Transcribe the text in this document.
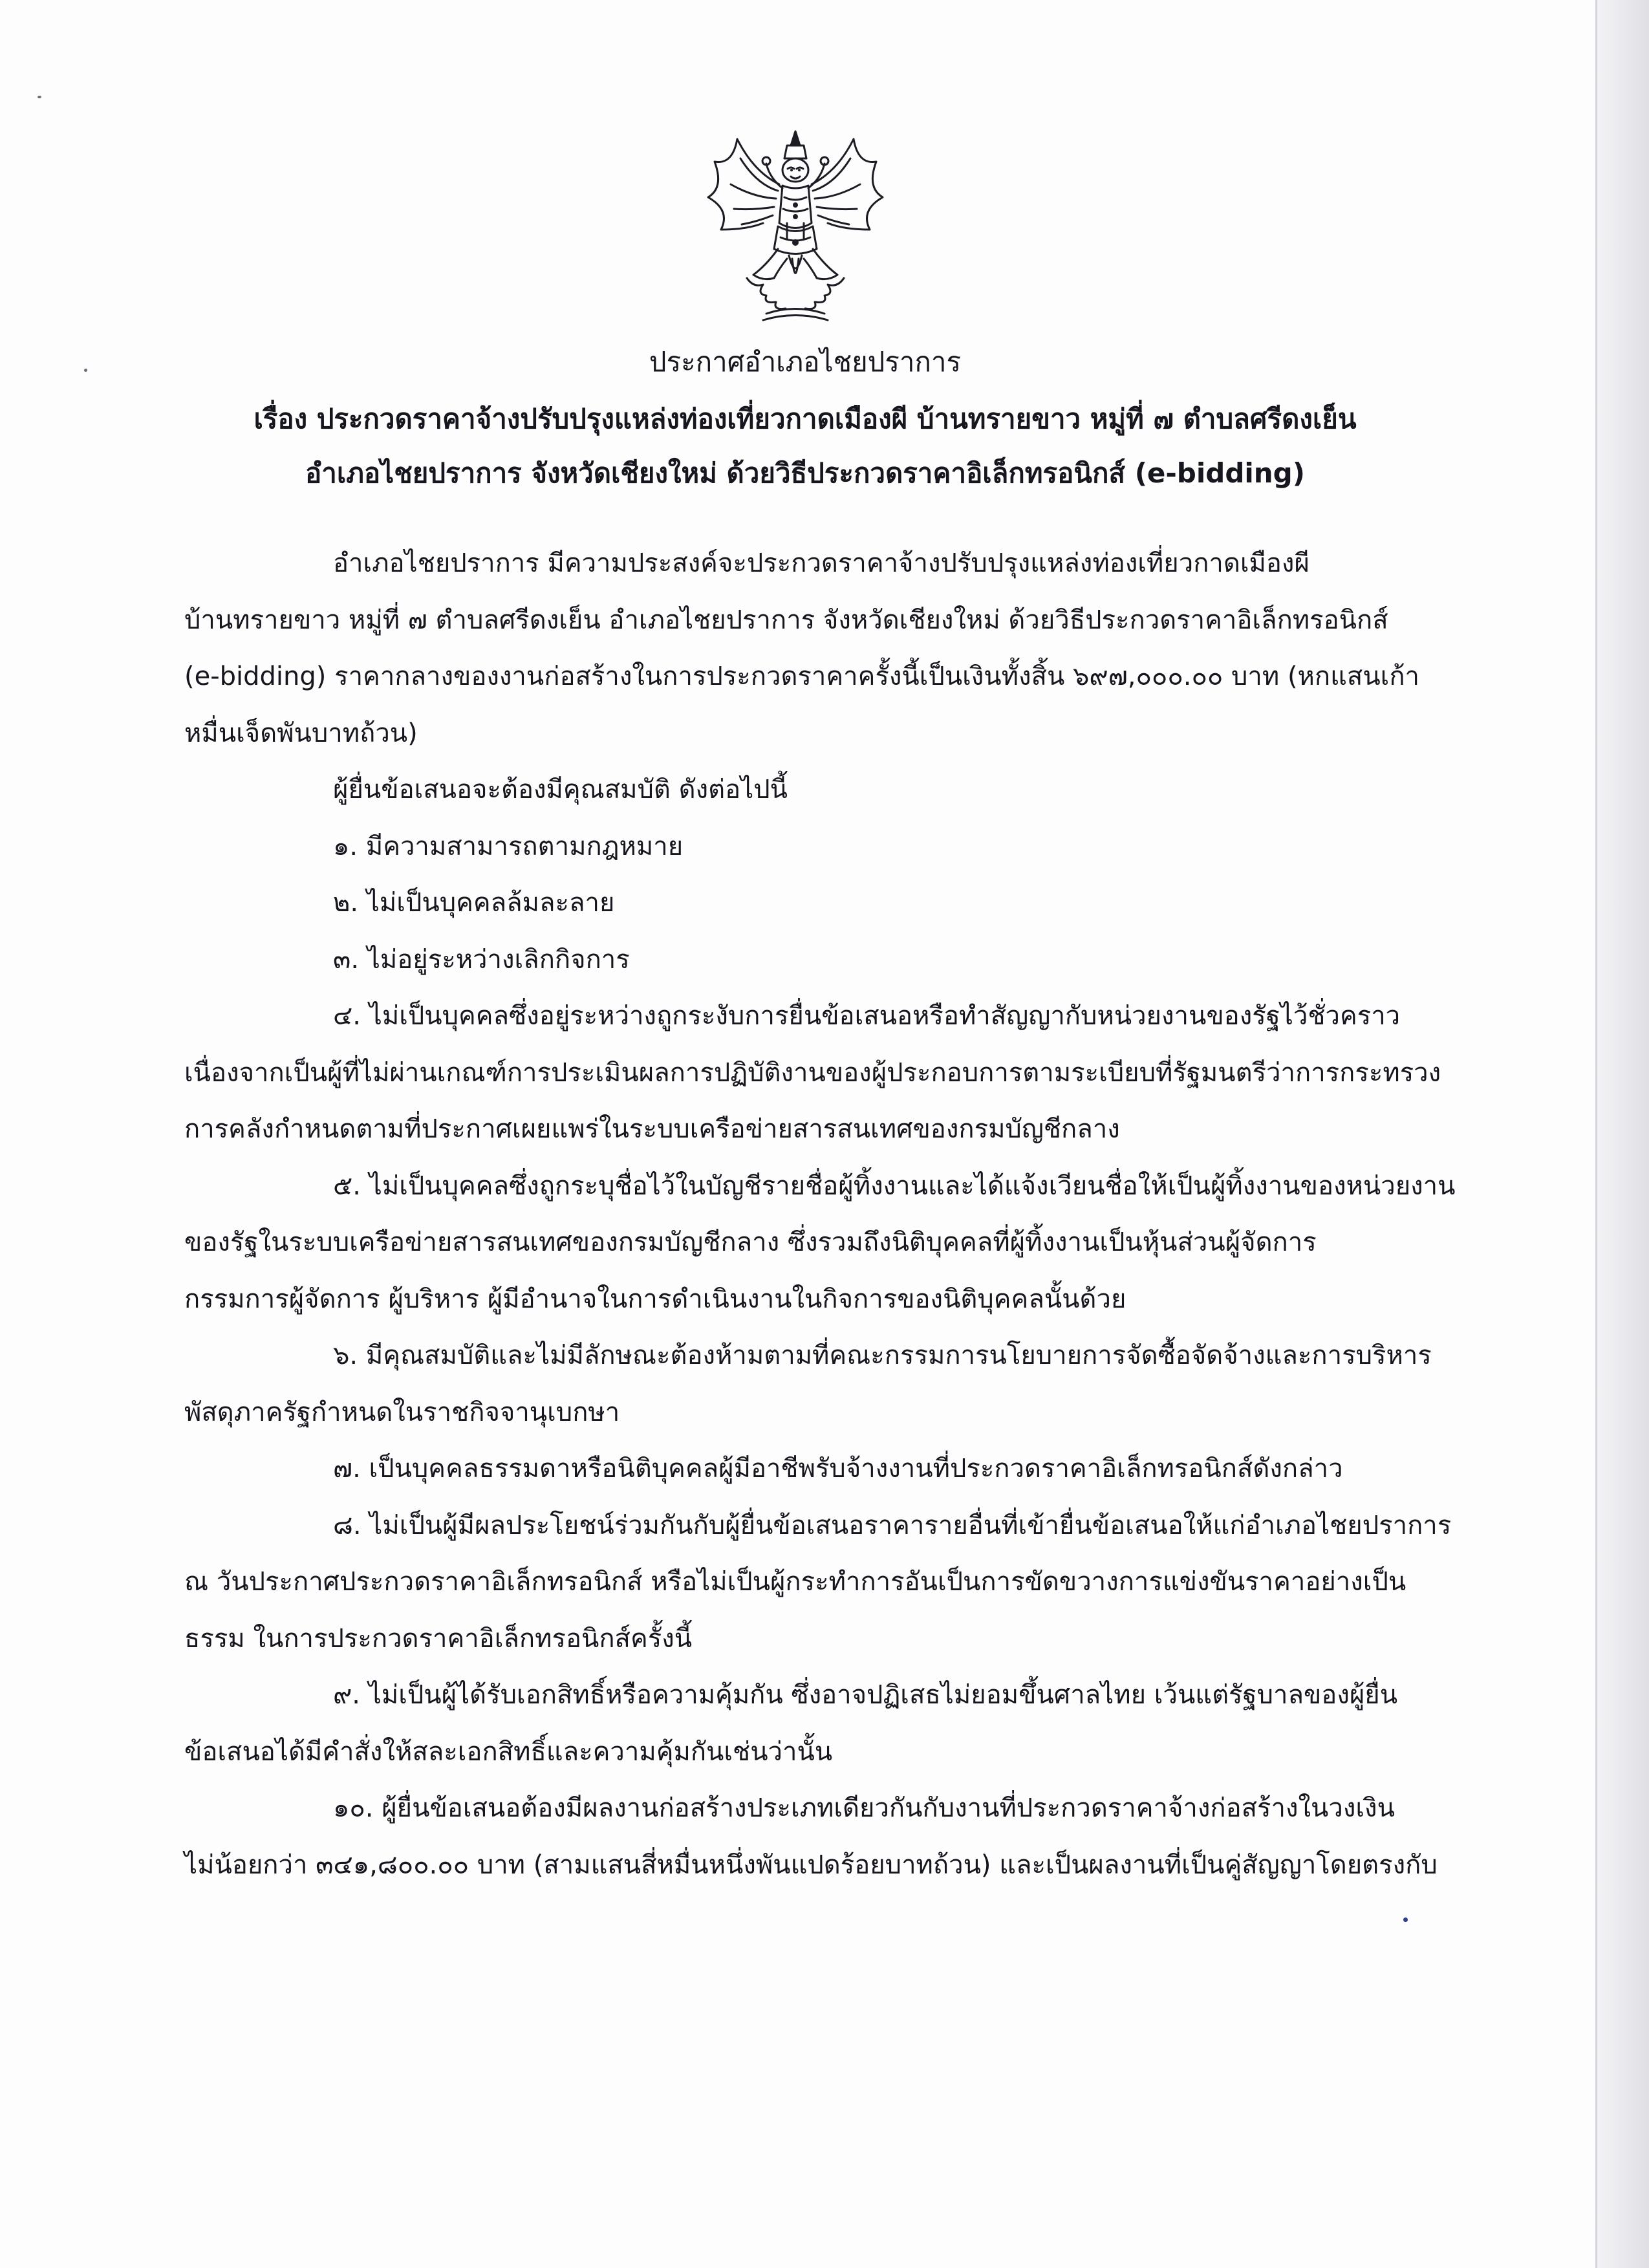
ประกาศอำเภอไชยปราการ
เรื่อง ประกวดราคาจ้างปรับปรุงแหล่งท่องเที่ยวกาดเมืองผี บ้านทรายขาว หมู่ที่ ๗ ตำบลศรีดงเย็น
อำเภอไชยปราการ จังหวัดเชียงใหม่ ด้วยวิธีประกวดราคาอิเล็กทรอนิกส์ (e-bidding)
อำเภอไชยปราการ มีความประสงค์จะประกวดราคาจ้างปรับปรุงแหล่งท่องเที่ยวกาดเมืองผี
บ้านทรายขาว หมู่ที่ ๗ ตำบลศรีดงเย็น อำเภอไชยปราการ จังหวัดเชียงใหม่ ด้วยวิธีประกวดราคาอิเล็กทรอนิกส์
(e-bidding) ราคากลางของงานก่อสร้างในการประกวดราคาครั้งนี้เป็นเงินทั้งสิ้น ๖๙๗,๐๐๐.๐๐ บาท (หกแสนเก้า
หมื่นเจ็ดพันบาทถ้วน)
ผู้ยื่นข้อเสนอจะต้องมีคุณสมบัติ ดังต่อไปนี้
๑. มีความสามารถตามกฎหมาย
๒. ไม่เป็นบุคคลล้มละลาย
๓. ไม่อยู่ระหว่างเลิกกิจการ
๔. ไม่เป็นบุคคลซึ่งอยู่ระหว่างถูกระงับการยื่นข้อเสนอหรือทำสัญญากับหน่วยงานของรัฐไว้ชั่วคราว
เนื่องจากเป็นผู้ที่ไม่ผ่านเกณฑ์การประเมินผลการปฏิบัติงานของผู้ประกอบการตามระเบียบที่รัฐมนตรีว่าการกระทรวง
การคลังกำหนดตามที่ประกาศเผยแพร่ในระบบเครือข่ายสารสนเทศของกรมบัญชีกลาง
๕. ไม่เป็นบุคคลซึ่งถูกระบุชื่อไว้ในบัญชีรายชื่อผู้ทิ้งงานและได้แจ้งเวียนชื่อให้เป็นผู้ทิ้งงานของหน่วยงาน
ของรัฐในระบบเครือข่ายสารสนเทศของกรมบัญชีกลาง ซึ่งรวมถึงนิติบุคคลที่ผู้ทิ้งงานเป็นหุ้นส่วนผู้จัดการ
กรรมการผู้จัดการ ผู้บริหาร ผู้มีอำนาจในการดำเนินงานในกิจการของนิติบุคคลนั้นด้วย
๖. มีคุณสมบัติและไม่มีลักษณะต้องห้ามตามที่คณะกรรมการนโยบายการจัดซื้อจัดจ้างและการบริหาร
พัสดุภาครัฐกำหนดในราชกิจจานุเบกษา
๗. เป็นบุคคลธรรมดาหรือนิติบุคคลผู้มีอาชีพรับจ้างงานที่ประกวดราคาอิเล็กทรอนิกส์ดังกล่าว
๘. ไม่เป็นผู้มีผลประโยชน์ร่วมกันกับผู้ยื่นข้อเสนอราคารายอื่นที่เข้ายื่นข้อเสนอให้แก่อำเภอไชยปราการ
ณ วันประกาศประกวดราคาอิเล็กทรอนิกส์ หรือไม่เป็นผู้กระทำการอันเป็นการขัดขวางการแข่งขันราคาอย่างเป็น
ธรรม ในการประกวดราคาอิเล็กทรอนิกส์ครั้งนี้
๙. ไม่เป็นผู้ได้รับเอกสิทธิ์หรือความคุ้มกัน ซึ่งอาจปฏิเสธไม่ยอมขึ้นศาลไทย เว้นแต่รัฐบาลของผู้ยื่น
ข้อเสนอได้มีคำสั่งให้สละเอกสิทธิ์และความคุ้มกันเช่นว่านั้น
๑๐. ผู้ยื่นข้อเสนอต้องมีผลงานก่อสร้างประเภทเดียวกันกับงานที่ประกวดราคาจ้างก่อสร้างในวงเงิน
ไม่น้อยกว่า ๓๔๑,๘๐๐.๐๐ บาท (สามแสนสี่หมื่นหนึ่งพันแปดร้อยบาทถ้วน) และเป็นผลงานที่เป็นคู่สัญญาโดยตรงกับ
